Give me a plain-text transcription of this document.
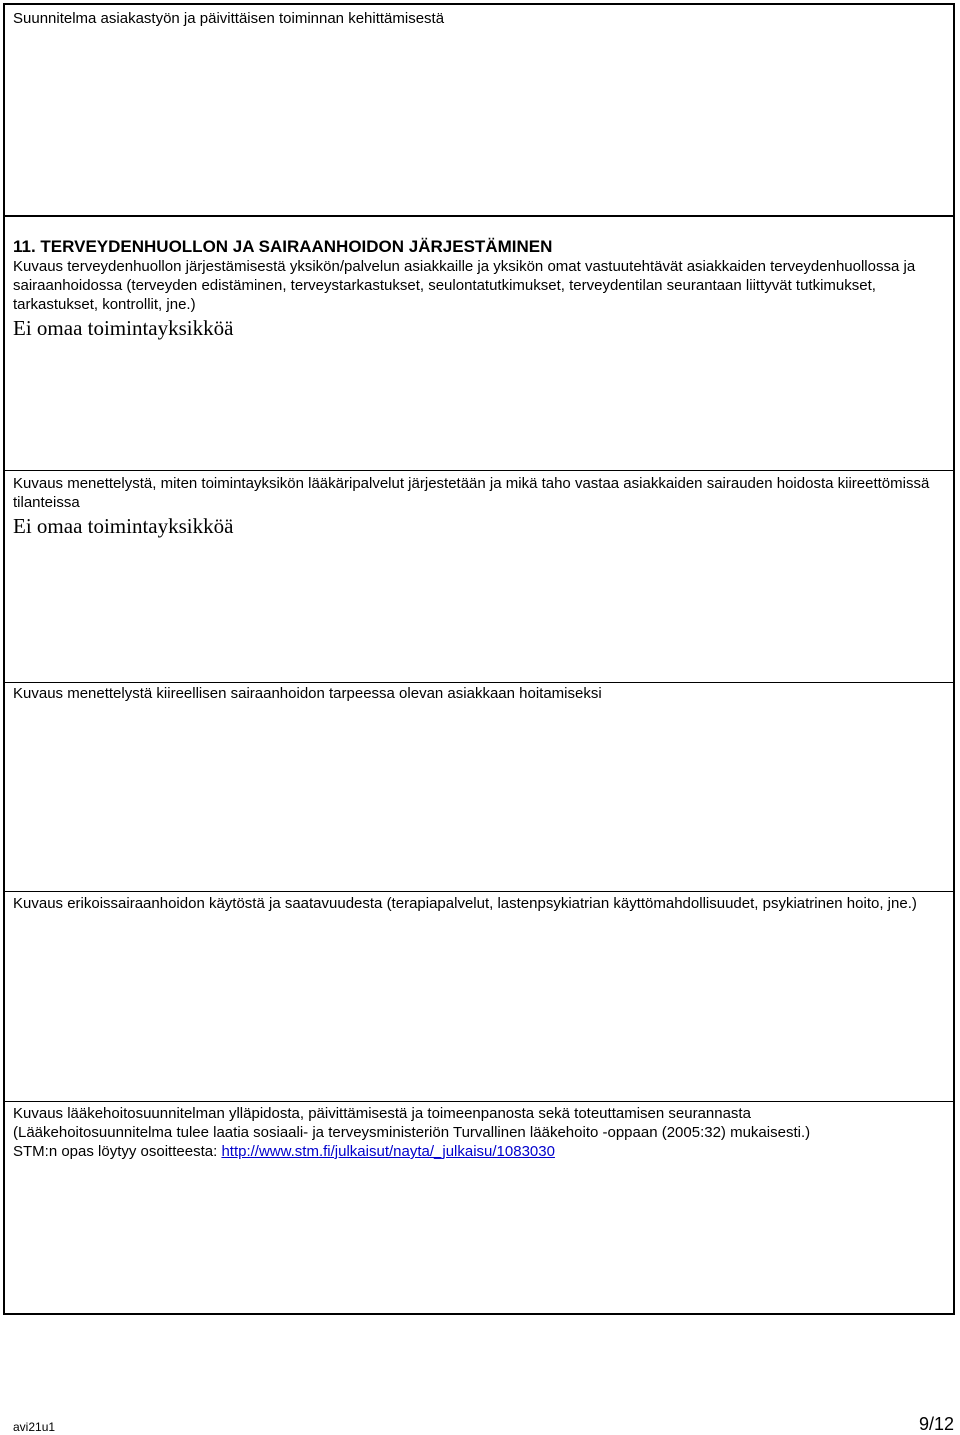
Suunnitelma asiakastyön ja päivittäisen toiminnan kehittämisestä
11. TERVEYDENHUOLLON JA SAIRAANHOIDON JÄRJESTÄMINEN
Kuvaus terveydenhuollon järjestämisestä yksikön/palvelun asiakkaille ja yksikön omat vastuutehtävät asiakkaiden terveydenhuollossa ja sairaanhoidossa (terveyden edistäminen, terveystarkastukset, seulontatutkimukset, terveydentilan seurantaan liittyvät tutkimukset, tarkastukset, kontrollit, jne.)
Ei omaa toimintayksikköä
Kuvaus menettelystä, miten toimintayksikön lääkäripalvelut järjestetään ja mikä taho vastaa asiakkaiden sairauden hoidosta kiireettömissä tilanteissa
Ei omaa toimintayksikköä
Kuvaus menettelystä kiireellisen sairaanhoidon tarpeessa olevan asiakkaan hoitamiseksi
Kuvaus erikoissairaanhoidon käytöstä ja saatavuudesta (terapiapalvelut, lastenpsykiatrian käyttömahdollisuudet, psykiatrinen hoito, jne.)
Kuvaus lääkehoitosuunnitelman ylläpidosta, päivittämisestä ja toimeenpanosta sekä toteuttamisen seurannasta
(Lääkehoitosuunnitelma tulee laatia sosiaali- ja terveysministeriön Turvallinen lääkehoito -oppaan (2005:32) mukaisesti.)
STM:n opas löytyy osoitteesta: http://www.stm.fi/julkaisut/nayta/_julkaisu/1083030
avi21u1	9/12
